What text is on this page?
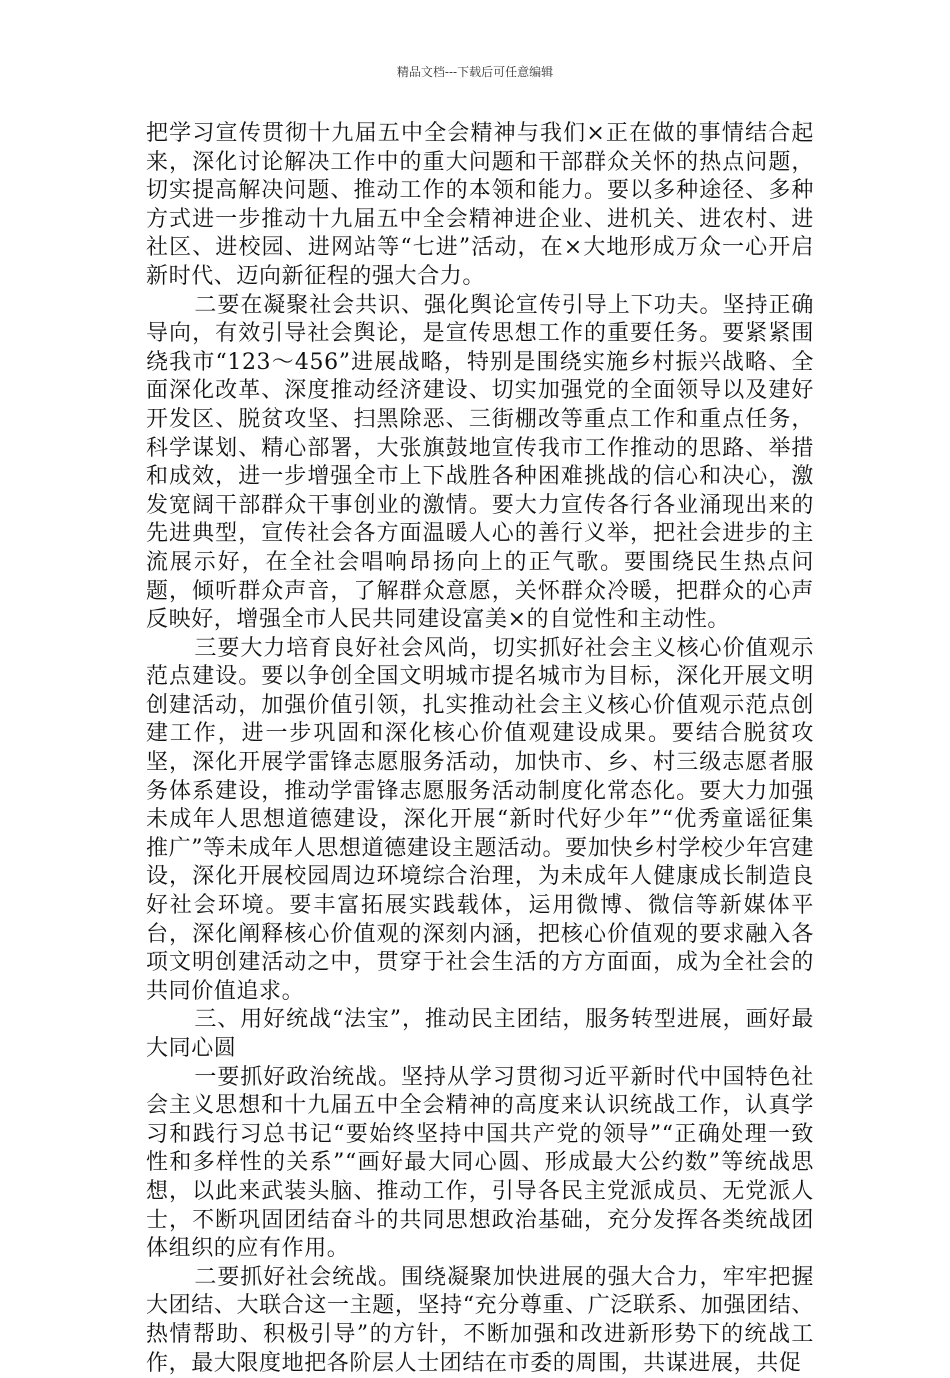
精品文档---下载后可任意编辑

把学习宣传贯彻十九届五中全会精神与我们×正在做的事情结合起来，深化讨论解决工作中的重大问题和干部群众关怀的热点问题，切实提高解决问题、推动工作的本领和能力。要以多种途径、多种方式进一步推动十九届五中全会精神进企业、进机关、进农村、进社区、进校园、进网站等“七进”活动，在×大地形成万众一心开启新时代、迈向新征程的强大合力。

二要在凝聚社会共识、强化舆论宣传引导上下功夫。坚持正确导向，有效引导社会舆论，是宣传思想工作的重要任务。要紧紧围绕我市“123～456”进展战略，特别是围绕实施乡村振兴战略、全面深化改革、深度推动经济建设、切实加强党的全面领导以及建好开发区、脱贫攻坚、扫黑除恶、三街棚改等重点工作和重点任务，科学谋划、精心部署，大张旗鼓地宣传我市工作推动的思路、举措和成效，进一步增强全市上下战胜各种困难挑战的信心和决心，激发宽阔干部群众干事创业的激情。要大力宣传各行各业涌现出来的先进典型，宣传社会各方面温暖人心的善行义举，把社会进步的主流展示好，在全社会唱响昂扬向上的正气歌。要围绕民生热点问题，倾听群众声音，了解群众意愿，关怀群众冷暖，把群众的心声反映好，增强全市人民共同建设富美×的自觉性和主动性。

三要大力培育良好社会风尚，切实抓好社会主义核心价值观示范点建设。要以争创全国文明城市提名城市为目标，深化开展文明创建活动，加强价值引领，扎实推动社会主义核心价值观示范点创建工作，进一步巩固和深化核心价值观建设成果。要结合脱贫攻坚，深化开展学雷锋志愿服务活动，加快市、乡、村三级志愿者服务体系建设，推动学雷锋志愿服务活动制度化常态化。要大力加强未成年人思想道德建设，深化开展“新时代好少年”“优秀童谣征集推广”等未成年人思想道德建设主题活动。要加快乡村学校少年宫建设，深化开展校园周边环境综合治理，为未成年人健康成长制造良好社会环境。要丰富拓展实践载体，运用微博、微信等新媒体平台，深化阐释核心价值观的深刻内涵，把核心价值观的要求融入各项文明创建活动之中，贯穿于社会生活的方方面面，成为全社会的共同价值追求。

三、用好统战“法宝”，推动民主团结，服务转型进展，画好最大同心圆

一要抓好政治统战。坚持从学习贯彻习近平新时代中国特色社会主义思想和十九届五中全会精神的高度来认识统战工作，认真学习和践行习总书记“要始终坚持中国共产党的领导”“正确处理一致性和多样性的关系”“画好最大同心圆、形成最大公约数”等统战思想，以此来武装头脑、推动工作，引导各民主党派成员、无党派人士，不断巩固团结奋斗的共同思想政治基础，充分发挥各类统战团体组织的应有作用。

二要抓好社会统战。围绕凝聚加快进展的强大合力，牢牢把握大团结、大联合这一主题，坚持“充分尊重、广泛联系、加强团结、热情帮助、积极引导”的方针，不断加强和改进新形势下的统战工作，最大限度地把各阶层人士团结在市委的周围，共谋进展，共促
